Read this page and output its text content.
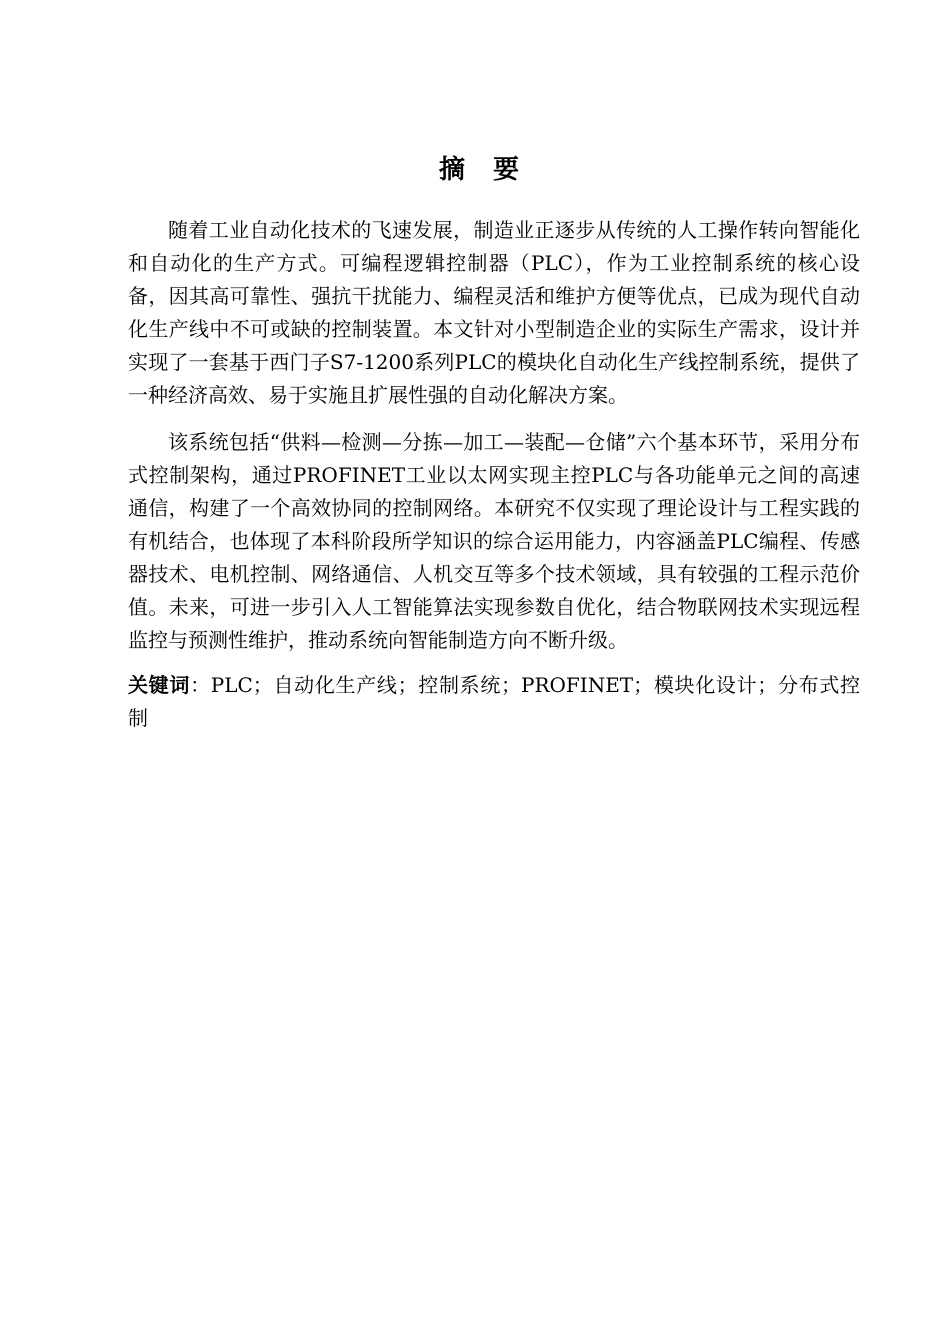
摘要

随着工业自动化技术的飞速发展，制造业正逐步从传统的人工操作转向智能化和自动化的生产方式。可编程逻辑控制器（PLC），作为工业控制系统的核心设备，因其高可靠性、强抗干扰能力、编程灵活和维护方便等优点，已成为现代自动化生产线中不可或缺的控制装置。本文针对小型制造企业的实际生产需求，设计并实现了一套基于西门子S7-1200系列PLC的模块化自动化生产线控制系统，提供了一种经济高效、易于实施且扩展性强的自动化解决方案。

该系统包括“供料—检测—分拣—加工—装配—仓储”六个基本环节，采用分布式控制架构，通过PROFINET工业以太网实现主控PLC与各功能单元之间的高速通信，构建了一个高效协同的控制网络。本研究不仅实现了理论设计与工程实践的有机结合，也体现了本科阶段所学知识的综合运用能力，内容涵盖PLC编程、传感器技术、电机控制、网络通信、人机交互等多个技术领域，具有较强的工程示范价值。未来，可进一步引入人工智能算法实现参数自优化，结合物联网技术实现远程监控与预测性维护，推动系统向智能制造方向不断升级。

关键词：PLC；自动化生产线；控制系统；PROFINET；模块化设计；分布式控制
